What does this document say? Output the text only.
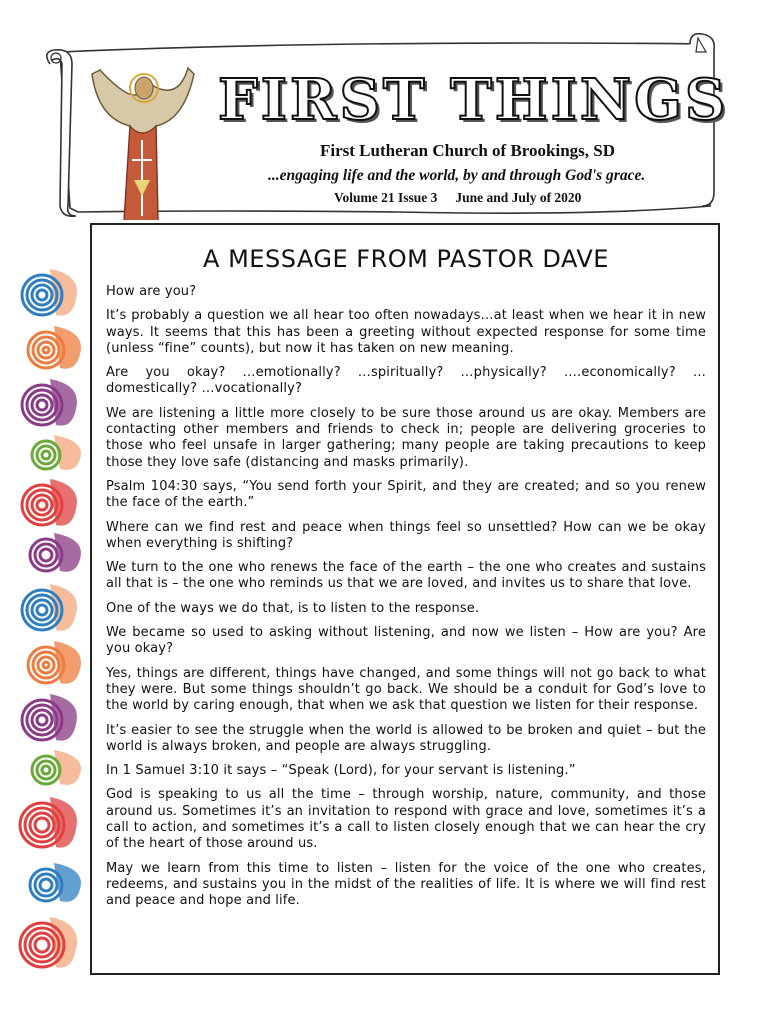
FIRST THINGS
First Lutheran Church of Brookings, SD
...engaging life and the world, by and through God's grace.
Volume 21 Issue 3 June and July of 2020
A MESSAGE FROM PASTOR DAVE

How are you?

It’s probably a question we all hear too often nowadays…at least when we hear it in new ways. It seems that this has been a greeting without expected response for some time (unless “fine” counts), but now it has taken on new meaning.

Are you okay? …emotionally? …spiritually? …physically? ….economically? …domestically? …vocationally?

We are listening a little more closely to be sure those around us are okay. Members are contacting other members and friends to check in; people are delivering groceries to those who feel unsafe in larger gathering; many people are taking precautions to keep those they love safe (distancing and masks primarily).

Psalm 104:30 says, “You send forth your Spirit, and they are created; and so you renew the face of the earth.”

Where can we find rest and peace when things feel so unsettled? How can we be okay when everything is shifting?

We turn to the one who renews the face of the earth – the one who creates and sustains all that is – the one who reminds us that we are loved, and invites us to share that love.

One of the ways we do that, is to listen to the response.

We became so used to asking without listening, and now we listen – How are you? Are you okay?

Yes, things are different, things have changed, and some things will not go back to what they were. But some things shouldn’t go back. We should be a conduit for God’s love to the world by caring enough, that when we ask that question we listen for their response.

It’s easier to see the struggle when the world is allowed to be broken and quiet – but the world is always broken, and people are always struggling.

In 1 Samuel 3:10 it says – “Speak (Lord), for your servant is listening.”

God is speaking to us all the time – through worship, nature, community, and those around us. Sometimes it’s an invitation to respond with grace and love, sometimes it’s a call to action, and sometimes it’s a call to listen closely enough that we can hear the cry of the heart of those around us.

May we learn from this time to listen – listen for the voice of the one who creates, redeems, and sustains you in the midst of the realities of life. It is where we will find rest and peace and hope and life.
